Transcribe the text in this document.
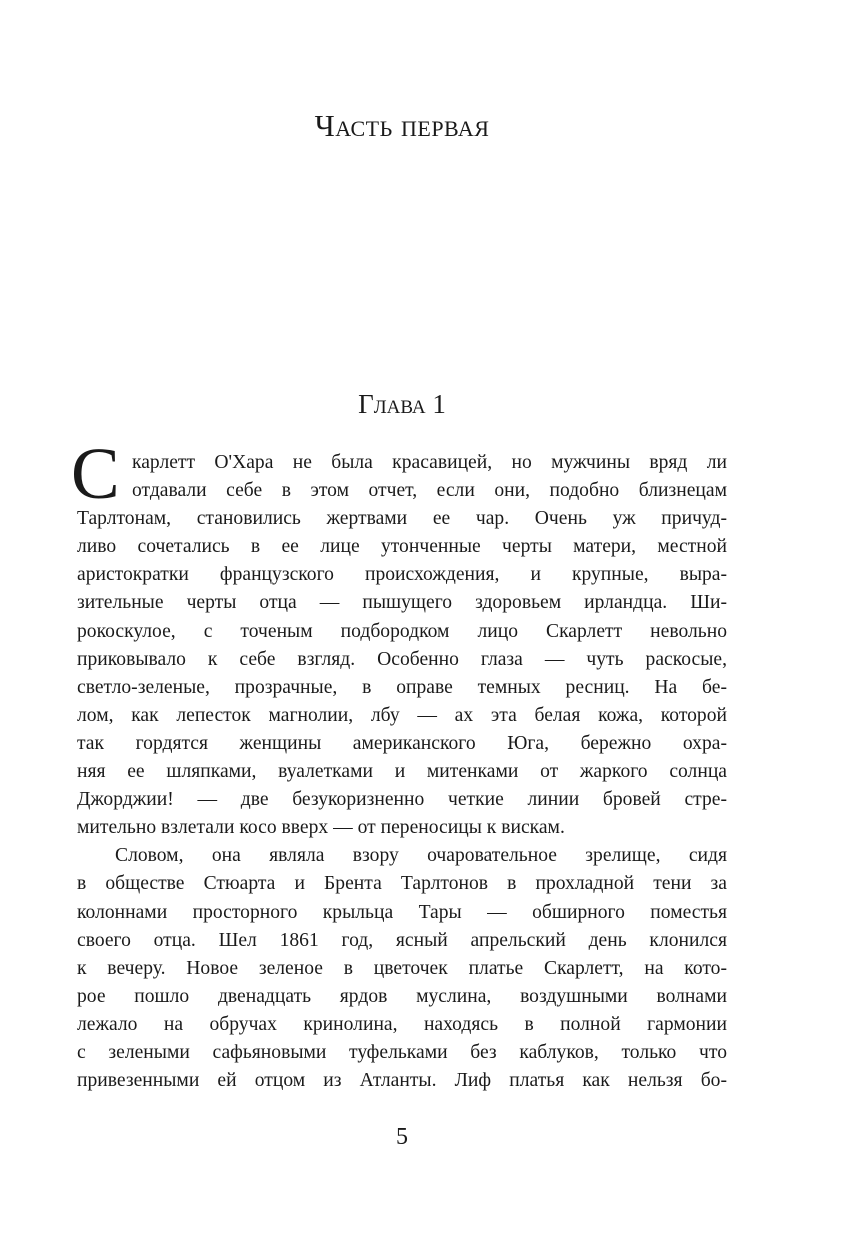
Часть первая
Глава 1
С карлетт О'Хара не была красавицей, но мужчины вряд ли
отдавали себе в этом отчет, если они, подобно близнецам
Тарлтонам, становились жертвами ее чар. Очень уж причуд-
ливо сочетались в ее лице утонченные черты матери, местной
аристократки французского происхождения, и крупные, выра-
зительные черты отца — пышущего здоровьем ирландца. Ши-
рокоскулое, с точеным подбородком лицо Скарлетт невольно
приковывало к себе взгляд. Особенно глаза — чуть раскосые,
светло-зеленые, прозрачные, в оправе темных ресниц. На бе-
лом, как лепесток магнолии, лбу — ах эта белая кожа, которой
так гордятся женщины американского Юга, бережно охра-
няя ее шляпками, вуалетками и митенками от жаркого солнца
Джорджии! — две безукоризненно четкие линии бровей стре-
мительно взлетали косо вверх — от переносицы к вискам.
Словом, она являла взору очаровательное зрелище, сидя
в обществе Стюарта и Брента Тарлтонов в прохладной тени за
колоннами просторного крыльца Тары — обширного поместья
своего отца. Шел 1861 год, ясный апрельский день клонился
к вечеру. Новое зеленое в цветочек платье Скарлетт, на кото-
рое пошло двенадцать ярдов муслина, воздушными волнами
лежало на обручах кринолина, находясь в полной гармонии
с зелеными сафьяновыми туфельками без каблуков, только что
привезенными ей отцом из Атланты. Лиф платья как нельзя бо-
5
